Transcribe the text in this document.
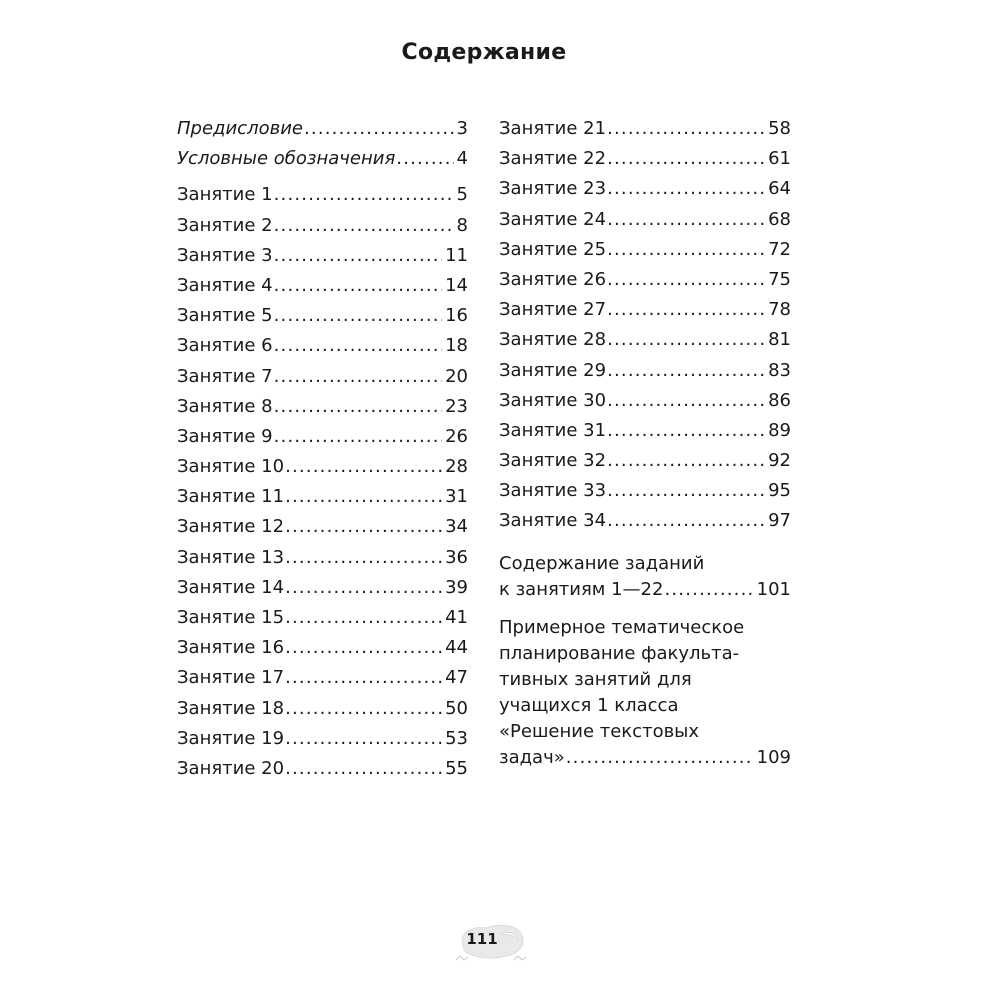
Содержание
Предисловие .....	3
Условные обозначения .....	4
Занятие 1 .....	5
Занятие 2 .....	8
Занятие 3 .....	11
Занятие 4 .....	14
Занятие 5 .....	16
Занятие 6 .....	18
Занятие 7 .....	20
Занятие 8 .....	23
Занятие 9 .....	26
Занятие 10 .....	28
Занятие 11 .....	31
Занятие 12 .....	34
Занятие 13 .....	36
Занятие 14 .....	39
Занятие 15 .....	41
Занятие 16 .....	44
Занятие 17 .....	47
Занятие 18 .....	50
Занятие 19 .....	53
Занятие 20 .....	55
Занятие 21 .....	58
Занятие 22 .....	61
Занятие 23 .....	64
Занятие 24 .....	68
Занятие 25 .....	72
Занятие 26 .....	75
Занятие 27 .....	78
Занятие 28 .....	81
Занятие 29 .....	83
Занятие 30 .....	86
Занятие 31 .....	89
Занятие 32 .....	92
Занятие 33 .....	95
Занятие 34 .....	97
Содержание заданий
к занятиям 1—22 .....	101
Примерное тематическое
планирование факульта-
тивных занятий для
учащихся 1 класса
«Решение текстовых
задач» .....	109
111
